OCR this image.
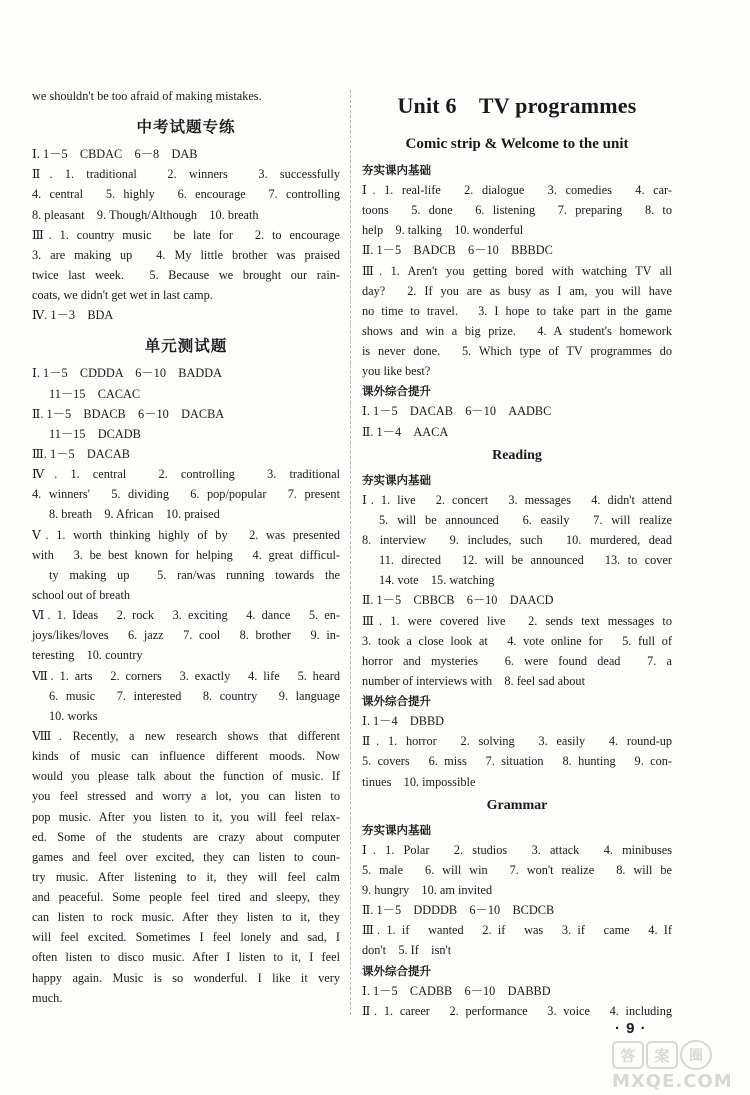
we shouldn't be too afraid of making mistakes.
中考试题专练
Ⅰ. 1－5　CBDAC　6－8　DAB
Ⅱ. 1. traditional　2. winners　3. successfully
4. central　5. highly　6. encourage　7. controlling
8. pleasant　9. Though/Although　10. breath
Ⅲ. 1. country music　be late for　2. to encourage
3. are making up　4. My little brother was praised
twice last week.　5. Because we brought our rain-
coats, we didn't get wet in last camp.
Ⅳ. 1－3　BDA
单元测试题
Ⅰ. 1－5　CDDDA　6－10　BADDA
11－15　CACAC
Ⅱ. 1－5　BDACB　6－10　DACBA
11－15　DCADB
Ⅲ. 1－5　DACAB
Ⅳ. 1. central　2. controlling　3. traditional
4. winners'　5. dividing　6. pop/popular　7. present
8. breath　9. African　10. praised
Ⅴ. 1. worth thinking highly of by　2. was presented
with　3. be best known for helping　4. great difficul-
ty making up　5. ran/was running towards the
school out of breath
Ⅵ. 1. Ideas　2. rock　3. exciting　4. dance　5. en-
joys/likes/loves　6. jazz　7. cool　8. brother　9. in-
teresting　10. country
Ⅶ. 1. arts　2. corners　3. exactly　4. life　5. heard
6. music　7. interested　8. country　9. language
10. works
Ⅷ. Recently, a new research shows that different
kinds of music can influence different moods. Now
would you please talk about the function of music. If
you feel stressed and worry a lot, you can listen to
pop music. After you listen to it, you will feel relax-
ed. Some of the students are crazy about computer
games and feel over excited, they can listen to coun-
try music. After listening to it, they will feel calm
and peaceful. Some people feel tired and sleepy, they
can listen to rock music. After they listen to it, they
will feel excited. Sometimes I feel lonely and sad, I
often listen to disco music. After I listen to it, I feel
happy again. Music is so wonderful. I like it very
much.
Unit 6　TV programmes
Comic strip & Welcome to the unit
夯实课内基础
Ⅰ. 1. real-life　2. dialogue　3. comedies　4. car-
toons　5. done　6. listening　7. preparing　8. to
help　9. talking　10. wonderful
Ⅱ. 1－5　BADCB　6－10　BBBDC
Ⅲ. 1. Aren't you getting bored with watching TV all
day?　2. If you are as busy as I am, you will have
no time to travel.　3. I hope to take part in the game
shows and win a big prize.　4. A student's homework
is never done.　5. Which type of TV programmes do
you like best?
课外综合提升
Ⅰ. 1－5　DACAB　6－10　AADBC
Ⅱ. 1－4　AACA
Reading
夯实课内基础
Ⅰ. 1. live　2. concert　3. messages　4. didn't attend
5. will be announced　6. easily　7. will realize
8. interview　9. includes, such　10. murdered, dead
11. directed　12. will be announced　13. to cover
14. vote　15. watching
Ⅱ. 1－5　CBBCB　6－10　DAACD
Ⅲ. 1. were covered live　2. sends text messages to
3. took a close look at　4. vote online for　5. full of
horror and mysteries　6. were found dead　7. a
number of interviews with　8. feel sad about
课外综合提升
Ⅰ. 1－4　DBBD
Ⅱ. 1. horror　2. solving　3. easily　4. round-up
5. covers　6. miss　7. situation　8. hunting　9. con-
tinues　10. impossible
Grammar
夯实课内基础
Ⅰ. 1. Polar　2. studios　3. attack　4. minibuses
5. male　6. will win　7. won't realize　8. will be
9. hungry　10. am invited
Ⅱ. 1－5　DDDDB　6－10　BCDCB
Ⅲ. 1. if　wanted　2. if　was　3. if　came　4. If
don't　5. If　isn't
课外综合提升
Ⅰ. 1－5　CADBB　6－10　DABBD
Ⅱ. 1. career　2. performance　3. voice　4. including
· 9 ·
答	案	圈
MXQE.COM
